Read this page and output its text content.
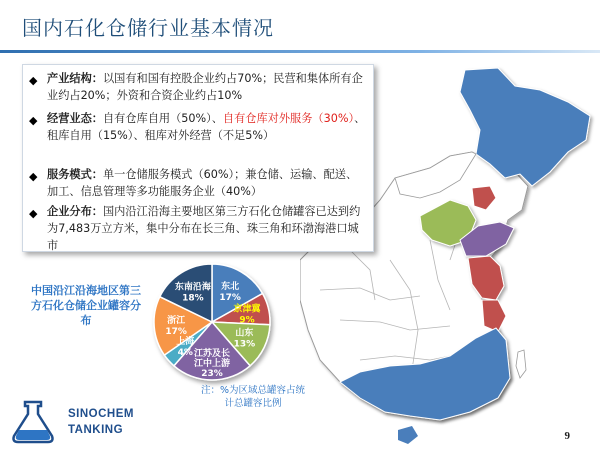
国内石化仓储行业基本情况
◆ 产业结构：以国有和国有控股企业约占70%；民营和集体所有企业约占20%；外资和合资企业约占10%
◆ 经营业态：自有仓库自用（50%）、自有仓库对外服务（30%）、租库自用（15%）、租库对外经营（不足5%）
◆ 服务模式：单一仓储服务模式（60%）；兼仓储、运输、配送、加工、信息管理等多功能服务企业（40%）
◆ 企业分布：国内沿江沿海主要地区第三方石化仓储罐容已达到约为7,483万立方米，集中分布在长三角、珠三角和环渤海港口城市
中国沿江沿海地区第三方石化仓储企业罐容分布
东北
17%
京津冀
9%
山东
13%
江苏及长
江中上游
23%
上海
4%
浙江
17%
东南沿海
18%
注：%为区域总罐容占统计总罐容比例
SINOCHEM
TANKING	9
